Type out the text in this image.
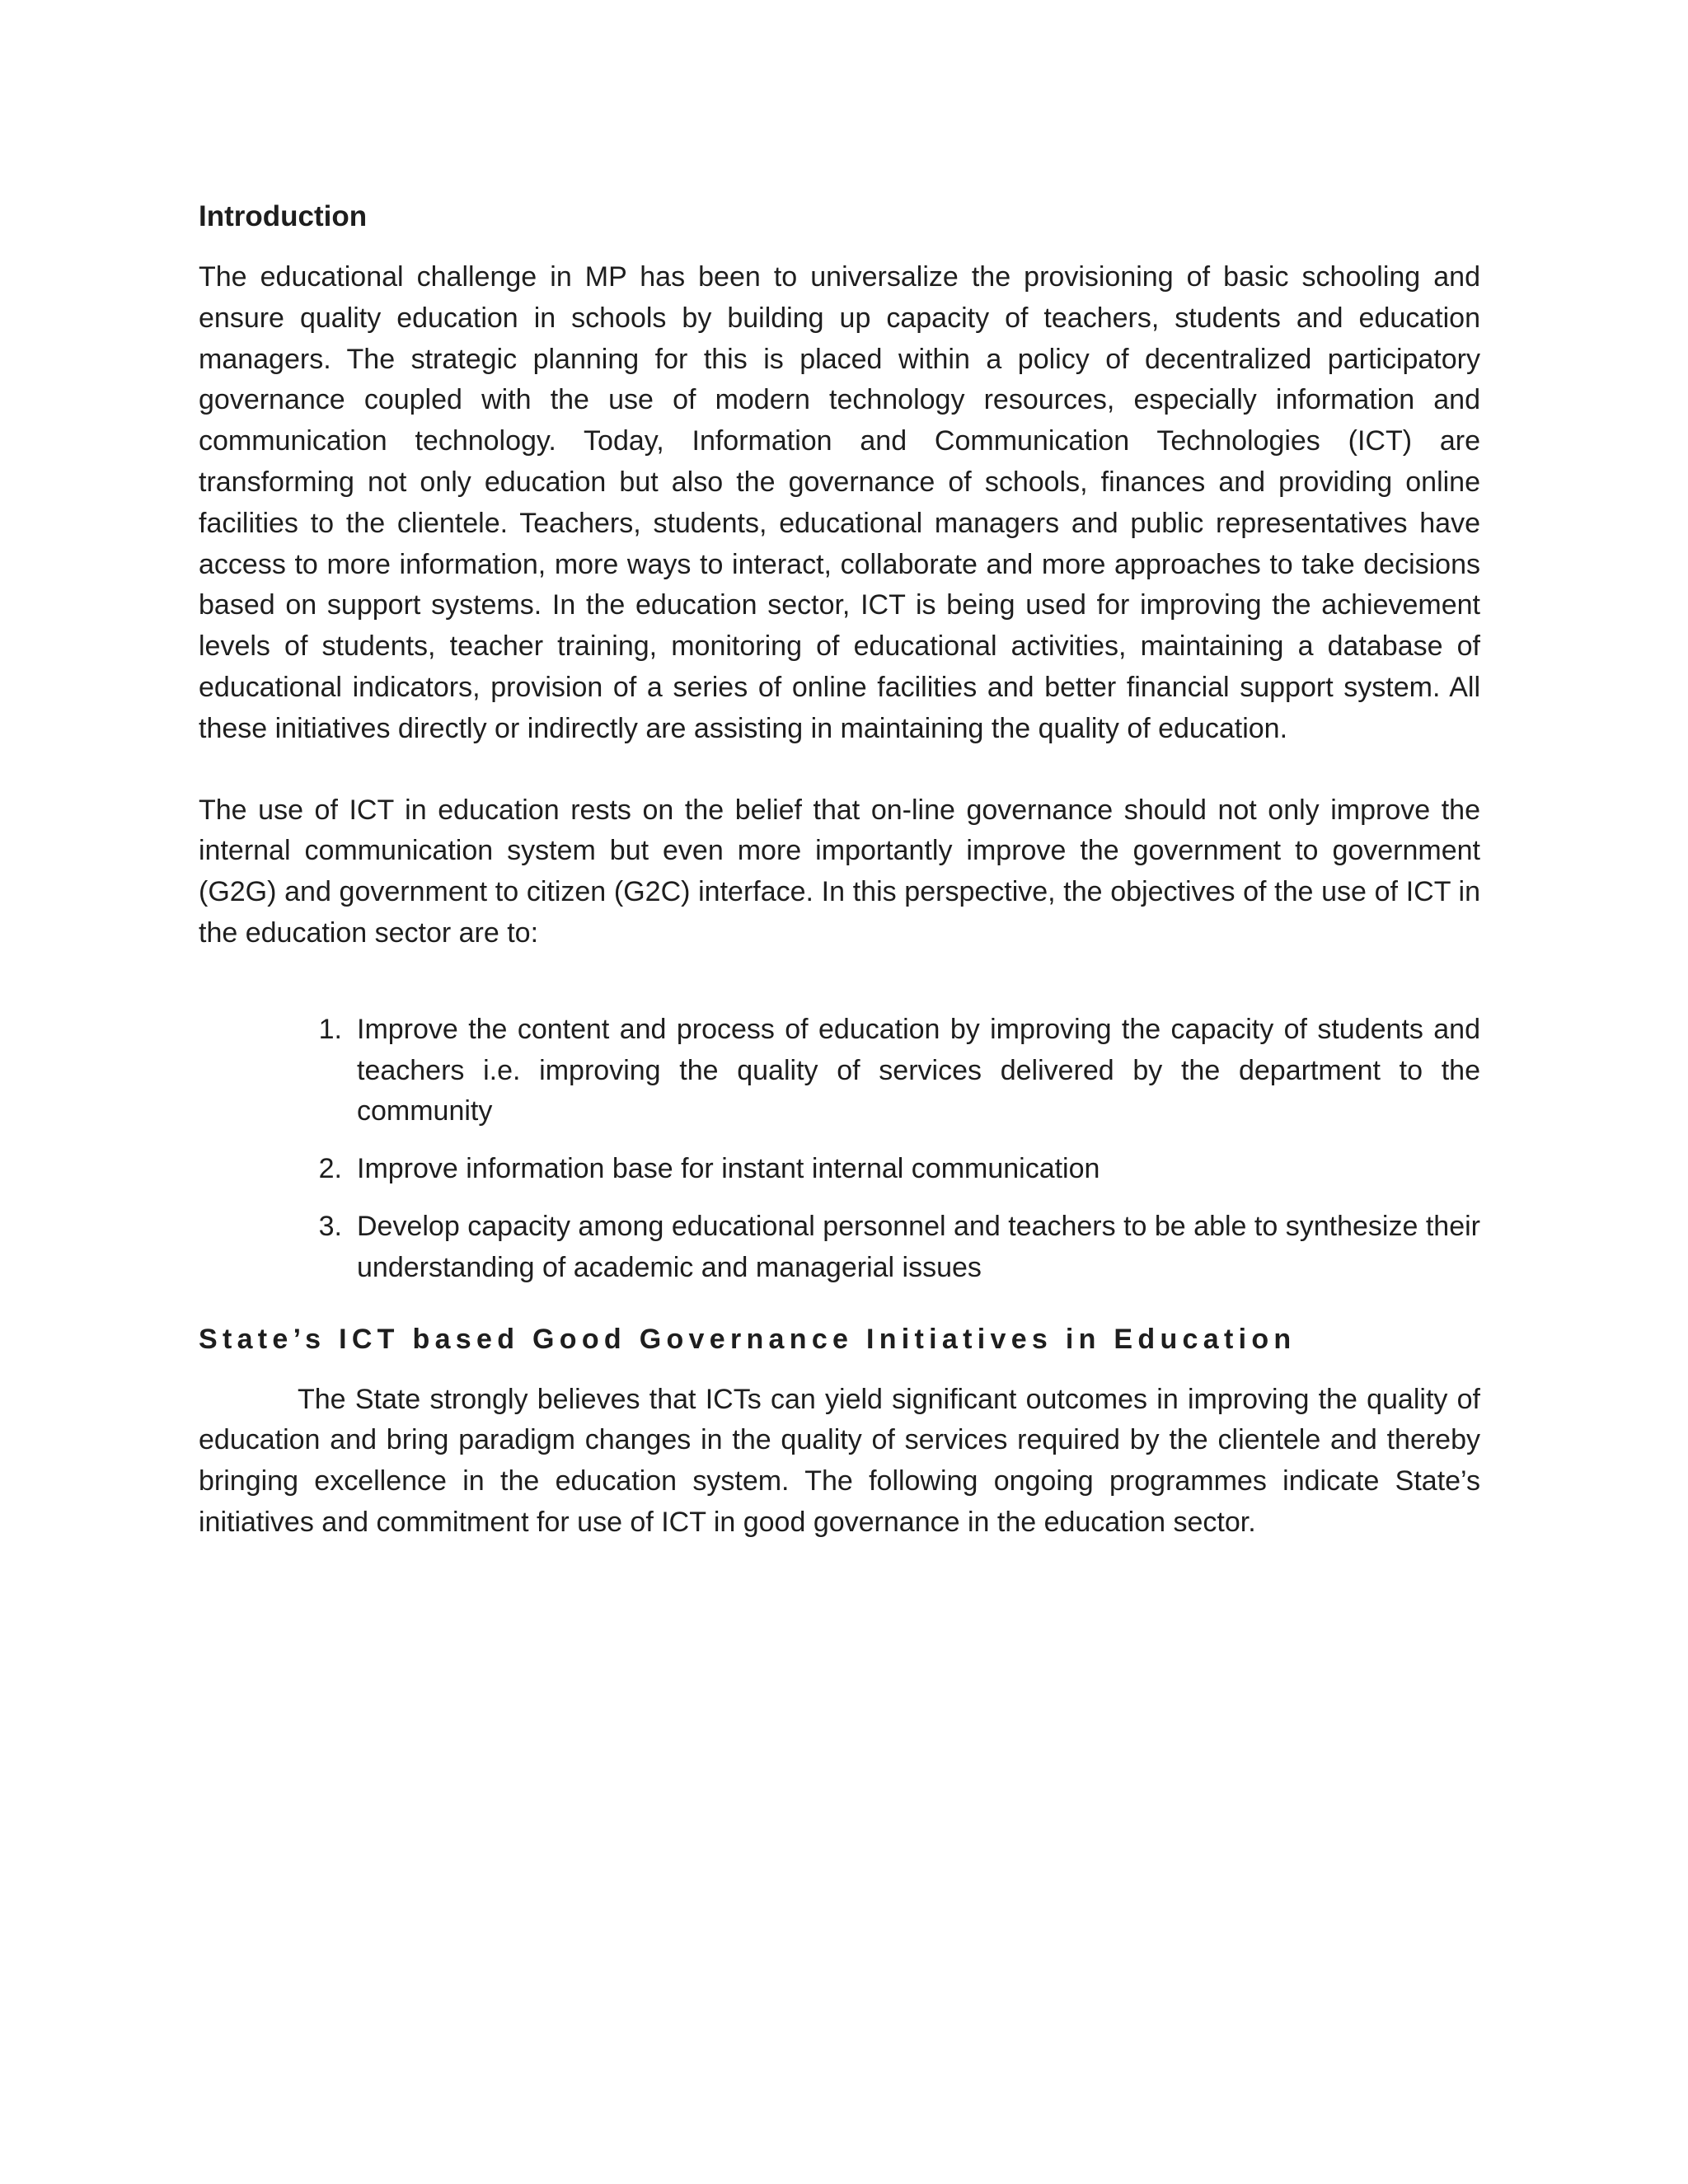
Introduction

The educational challenge in MP has been to universalize the provisioning of basic schooling and ensure quality education in schools by building up capacity of teachers, students and education managers. The strategic planning for this is placed within a policy of decentralized participatory governance coupled with the use of modern technology resources, especially information and communication technology. Today, Information and Communication Technologies (ICT) are transforming not only education but also the governance of schools, finances and providing online facilities to the clientele. Teachers, students, educational managers and public representatives have access to more information, more ways to interact, collaborate and more approaches to take decisions based on support systems. In the education sector, ICT is being used for improving the achievement levels of students, teacher training, monitoring of educational activities, maintaining a database of educational indicators, provision of a series of online facilities and better financial support system. All these initiatives directly or indirectly are assisting in maintaining the quality of education.

The use of ICT in education rests on the belief that on-line governance should not only improve the internal communication system but even more importantly improve the government to government (G2G) and government to citizen (G2C) interface. In this perspective, the objectives of the use of ICT in the education sector are to:

1. Improve the content and process of education by improving the capacity of students and teachers i.e. improving the quality of services delivered by the department to the community
2. Improve information base for instant internal communication
3. Develop capacity among educational personnel and teachers to be able to synthesize their understanding of academic and managerial issues
State’s ICT based Good Governance Initiatives in Education

The State strongly believes that ICTs can yield significant outcomes in improving the quality of education and bring paradigm changes in the quality of services required by the clientele and thereby bringing excellence in the education system. The following ongoing programmes indicate State’s initiatives and commitment for use of ICT in good governance in the education sector.
